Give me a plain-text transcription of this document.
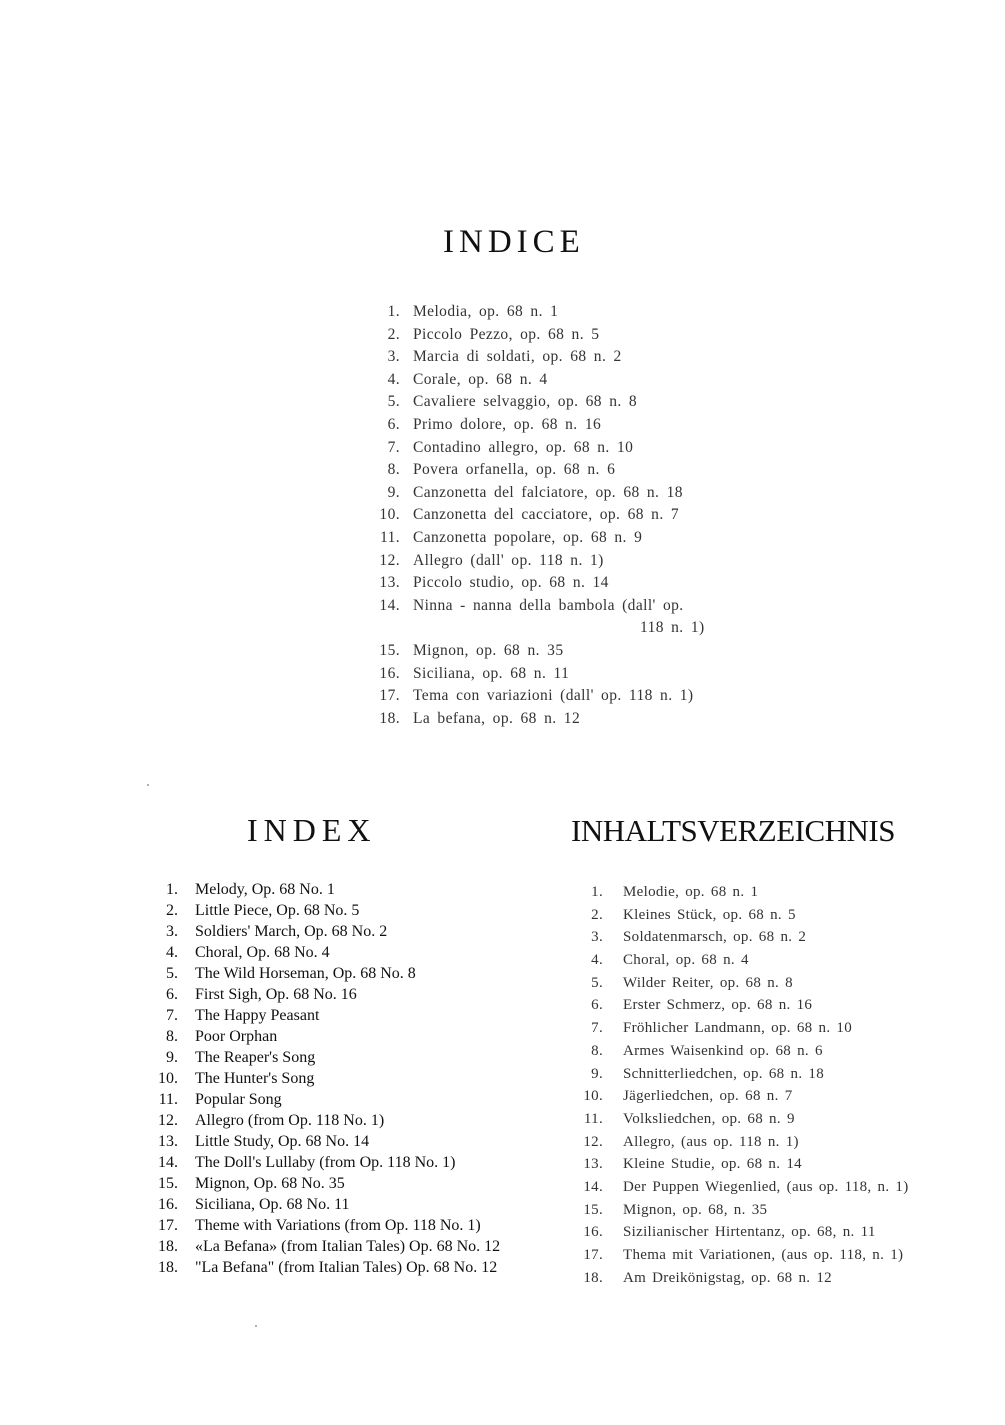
INDICE
1. Melodia, op. 68 n. 1
2. Piccolo Pezzo, op. 68 n. 5
3. Marcia di soldati, op. 68 n. 2
4. Corale, op. 68 n. 4
5. Cavaliere selvaggio, op. 68 n. 8
6. Primo dolore, op. 68 n. 16
7. Contadino allegro, op. 68 n. 10
8. Povera orfanella, op. 68 n. 6
9. Canzonetta del falciatore, op. 68 n. 18
10. Canzonetta del cacciatore, op. 68 n. 7
11. Canzonetta popolare, op. 68 n. 9
12. Allegro (dall' op. 118 n. 1)
13. Piccolo studio, op. 68 n. 14
14. Ninna - nanna della bambola (dall' op.
118 n. 1)
15. Mignon, op. 68 n. 35
16. Siciliana, op. 68 n. 11
17. Tema con variazioni (dall' op. 118 n. 1)
18. La befana, op. 68 n. 12
INDEX
1. Melody, Op. 68 No. 1
2. Little Piece, Op. 68 No. 5
3. Soldiers' March, Op. 68 No. 2
4. Choral, Op. 68 No. 4
5. The Wild Horseman, Op. 68 No. 8
6. First Sigh, Op. 68 No. 16
7. The Happy Peasant
8. Poor Orphan
9. The Reaper's Song
10. The Hunter's Song
11. Popular Song
12. Allegro (from Op. 118 No. 1)
13. Little Study, Op. 68 No. 14
14. The Doll's Lullaby (from Op. 118 No. 1)
15. Mignon, Op. 68 No. 35
16. Siciliana, Op. 68 No. 11
17. Theme with Variations (from Op. 118 No. 1)
18. «La Befana» (from Italian Tales) Op. 68 No. 12
18. "La Befana" (from Italian Tales) Op. 68 No. 12
INHALTSVERZEICHNIS
1. Melodie, op. 68 n. 1
2. Kleines Stück, op. 68 n. 5
3. Soldatenmarsch, op. 68 n. 2
4. Choral, op. 68 n. 4
5. Wilder Reiter, op. 68 n. 8
6. Erster Schmerz, op. 68 n. 16
7. Fröhlicher Landmann, op. 68 n. 10
8. Armes Waisenkind op. 68 n. 6
9. Schnitterliedchen, op. 68 n. 18
10. Jägerliedchen, op. 68 n. 7
11. Volksliedchen, op. 68 n. 9
12. Allegro, (aus op. 118 n. 1)
13. Kleine Studie, op. 68 n. 14
14. Der Puppen Wiegenlied, (aus op. 118, n. 1)
15. Mignon, op. 68, n. 35
16. Sizilianischer Hirtentanz, op. 68, n. 11
17. Thema mit Variationen, (aus op. 118, n. 1)
18. Am Dreikönigstag, op. 68 n. 12
